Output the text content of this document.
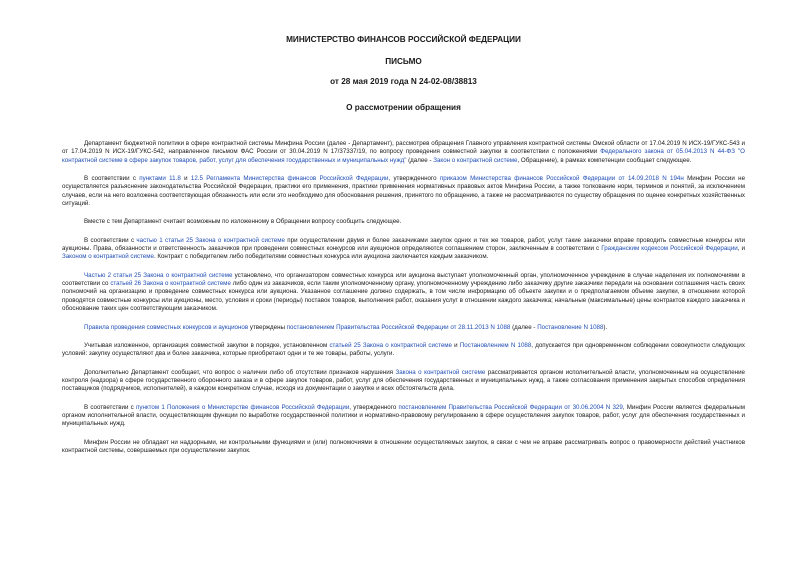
МИНИСТЕРСТВО ФИНАНСОВ РОССИЙСКОЙ ФЕДЕРАЦИИ

ПИСЬМО

от 28 мая 2019 года N 24-02-08/38813

О рассмотрении обращения

Департамент бюджетной политики в сфере контрактной системы Минфина России (далее - Департамент), рассмотрев обращения Главного управления контрактной системы Омской области от 17.04.2019 N ИСХ-19/ГУКС-543 и от 17.04.2019 N ИСХ-19/ГУКС-542, направленное письмом ФАС России от 30.04.2019 N 17/37337/19, по вопросу проведения совместной закупки в соответствии с положениями Федерального закона от 05.04.2013 N 44-ФЗ "О контрактной системе в сфере закупок товаров, работ, услуг для обеспечения государственных и муниципальных нужд" (далее - Закон о контрактной системе, Обращение), в рамках компетенции сообщает следующее.

В соответствии с пунктами 11.8 и 12.5 Регламента Министерства финансов Российской Федерации, утвержденного приказом Министерства финансов Российской Федерации от 14.09.2018 N 194н Минфин России не осуществляется разъяснение законодательства Российской Федерации, практики его применения, практики применения нормативных правовых актов Минфина России, а также толкование норм, терминов и понятий, за исключением случаев, если на него возложена соответствующая обязанность или если это необходимо для обоснования решения, принятого по обращению, а также не рассматриваются по существу обращения по оценке конкретных хозяйственных ситуаций.

Вместе с тем Департамент считает возможным по изложенному в Обращении вопросу сообщить следующее.

В соответствии с частью 1 статьи 25 Закона о контрактной системе при осуществлении двумя и более заказчиками закупок одних и тех же товаров, работ, услуг такие заказчики вправе проводить совместные конкурсы или аукционы. Права, обязанности и ответственность заказчиков при проведении совместных конкурсов или аукционов определяются соглашением сторон, заключенным в соответствии с Гражданским кодексом Российской Федерации, и Законом о контрактной системе. Контракт с победителем либо победителями совместных конкурса или аукциона заключается каждым заказчиком.

Частью 2 статьи 25 Закона о контрактной системе установлено, что организатором совместных конкурса или аукциона выступает уполномоченный орган, уполномоченное учреждение в случае наделения их полномочиями в соответствии со статьей 26 Закона о контрактной системе либо один из заказчиков, если таким уполномоченному органу, уполномоченному учреждению либо заказчику другие заказчики передали на основании соглашения часть своих полномочий на организацию и проведение совместных конкурса или аукциона. Указанное соглашение должно содержать, в том числе информацию об объекте закупки и о предполагаемом объеме закупки, в отношении которой проводятся совместные конкурсы или аукционы, место, условия и сроки (периоды) поставок товаров, выполнения работ, оказания услуг в отношении каждого заказчика; начальные (максимальные) цены контрактов каждого заказчика и обоснование таких цен соответствующим заказчиком.

Правила проведения совместных конкурсов и аукционов утверждены постановлением Правительства Российской Федерации от 28.11.2013 N 1088 (далее - Постановление N 1088).

Учитывая изложенное, организация совместной закупки в порядке, установленном статьей 25 Закона о контрактной системе и Постановлением N 1088, допускается при одновременном соблюдении совокупности следующих условий: закупку осуществляют два и более заказчика, которые приобретают одни и те же товары, работы, услуги.

Дополнительно Департамент сообщает, что вопрос о наличии либо об отсутствии признаков нарушения Закона о контрактной системе рассматривается органом исполнительной власти, уполномоченным на осуществление контроля (надзора) в сфере государственного оборонного заказа и в сфере закупок товаров, работ, услуг для обеспечения государственных и муниципальных нужд, а также согласования применения закрытых способов определения поставщиков (подрядчиков, исполнителей), в каждом конкретном случае, исходя из документации о закупке и всех обстоятельств дела.

В соответствии с пунктом 1 Положения о Министерстве финансов Российской Федерации, утвержденного постановлением Правительства Российской Федерации от 30.06.2004 N 329, Минфин России является федеральным органом исполнительной власти, осуществляющим функции по выработке государственной политики и нормативно-правовому регулированию в сфере осуществления закупок товаров, работ, услуг для обеспечения государственных и муниципальных нужд.

Минфин России не обладает ни надзорными, ни контрольными функциями и (или) полномочиями в отношении осуществляемых закупок, в связи с чем не вправе рассматривать вопрос о правомерности действий участников контрактной системы, совершаемых при осуществлении закупок.
